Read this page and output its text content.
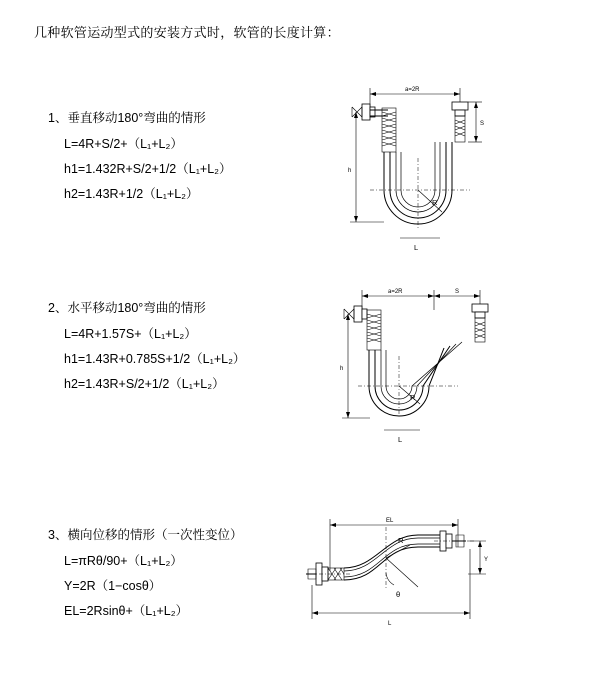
几种软管运动型式的安装方式时，软管的长度计算：

1、垂直移动180°弯曲的情形

L=4R+S/2+（L₁+L₂）

h1=1.432R+S/2+1/2（L₁+L₂）

h2=1.43R+1/2（L₁+L₂）

a=2R
R
h
S
L

2、水平移动180°弯曲的情形

L=4R+1.57S+（L₁+L₂）

h1=1.43R+0.785S+1/2（L₁+L₂）

h2=1.43R+S/2+1/2（L₁+L₂）

a=2R	S
R
h
L

3、横向位移的情形（一次性变位）

L=πRθ/90+（L₁+L₂）

Y=2R（1−cosθ）

EL=2Rsinθ+（L₁+L₂）

EL
θ
R
Y
L
